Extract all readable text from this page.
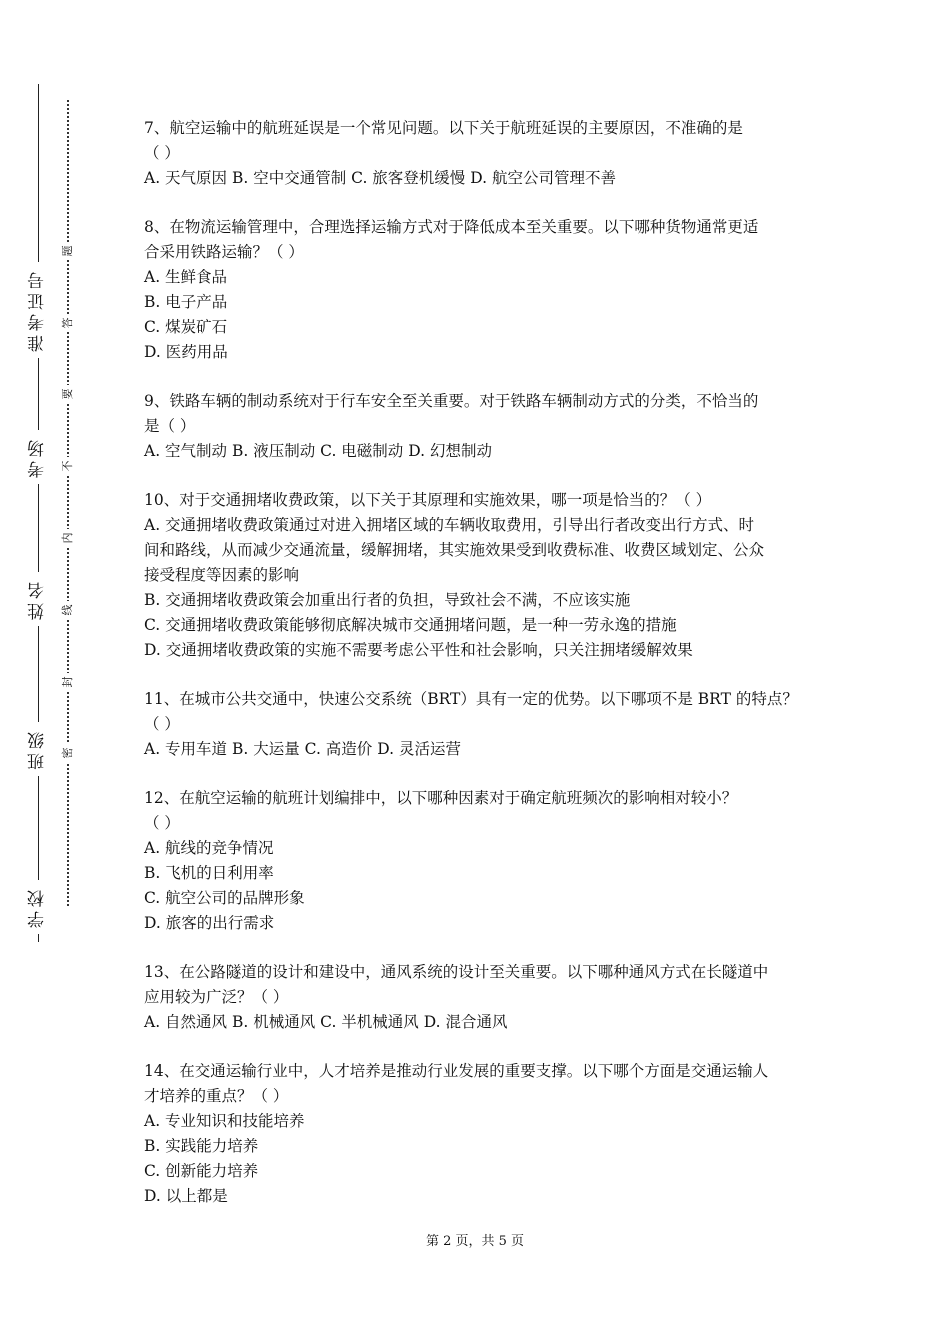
准考证号
考场
姓名
班级
学校
题
答
要
不
内
线
封
密

7、航空运输中的航班延误是一个常见问题。以下关于航班延误的主要原因，不准确的是

（ ）

A. 天气原因 B. 空中交通管制 C. 旅客登机缓慢 D. 航空公司管理不善

8、在物流运输管理中，合理选择运输方式对于降低成本至关重要。以下哪种货物通常更适

合采用铁路运输？（ ）

A. 生鲜食品

B. 电子产品

C. 煤炭矿石

D. 医药用品

9、铁路车辆的制动系统对于行车安全至关重要。对于铁路车辆制动方式的分类，不恰当的

是（ ）

A. 空气制动 B. 液压制动 C. 电磁制动 D. 幻想制动

10、对于交通拥堵收费政策，以下关于其原理和实施效果，哪一项是恰当的？（ ）

A. 交通拥堵收费政策通过对进入拥堵区域的车辆收取费用，引导出行者改变出行方式、时

间和路线，从而减少交通流量，缓解拥堵，其实施效果受到收费标准、收费区域划定、公众

接受程度等因素的影响

B. 交通拥堵收费政策会加重出行者的负担，导致社会不满，不应该实施

C. 交通拥堵收费政策能够彻底解决城市交通拥堵问题，是一种一劳永逸的措施

D. 交通拥堵收费政策的实施不需要考虑公平性和社会影响，只关注拥堵缓解效果

11、在城市公共交通中，快速公交系统（BRT）具有一定的优势。以下哪项不是 BRT 的特点？

（ ）

A. 专用车道 B. 大运量 C. 高造价 D. 灵活运营

12、在航空运输的航班计划编排中，以下哪种因素对于确定航班频次的影响相对较小？

（ ）

A. 航线的竞争情况

B. 飞机的日利用率

C. 航空公司的品牌形象

D. 旅客的出行需求

13、在公路隧道的设计和建设中，通风系统的设计至关重要。以下哪种通风方式在长隧道中

应用较为广泛？（ ）

A. 自然通风 B. 机械通风 C. 半机械通风 D. 混合通风

14、在交通运输行业中，人才培养是推动行业发展的重要支撑。以下哪个方面是交通运输人

才培养的重点？（ ）

A. 专业知识和技能培养

B. 实践能力培养

C. 创新能力培养

D. 以上都是

第 2 页，共 5 页
